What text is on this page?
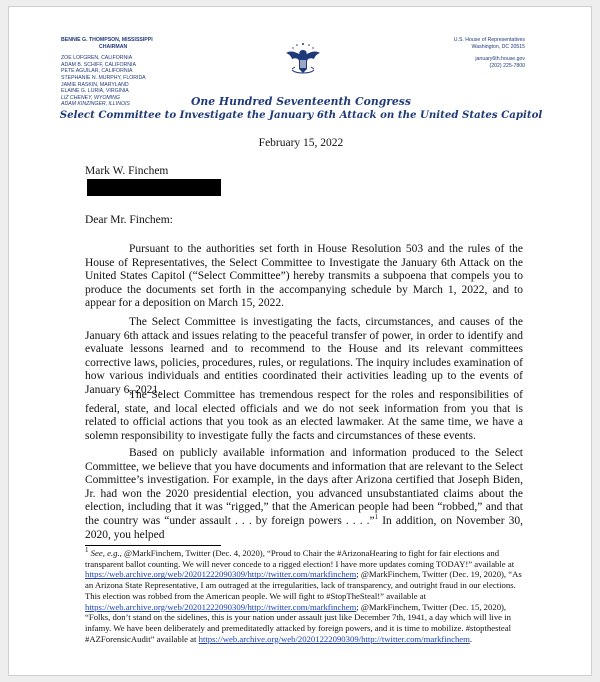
BENNIE G. THOMPSON, MISSISSIPPI
CHAIRMAN
ZOE LOFGREN, CALIFORNIA
ADAM B. SCHIFF, CALIFORNIA
PETE AGUILAR, CALIFORNIA
STEPHANIE N. MURPHY, FLORIDA
JAMIE RASKIN, MARYLAND
ELAINE G. LURIA, VIRGINIA
LIZ CHENEY, WYOMING
ADAM KINZINGER, ILLINOIS
U.S. House of Representatives
Washington, DC 20515
january6th.house.gov
(202) 225-7800
One Hundred Seventeenth Congress
Select Committee to Investigate the January 6th Attack on the United States Capitol
February 15, 2022
Mark W. Finchem
Dear Mr. Finchem:

Pursuant to the authorities set forth in House Resolution 503 and the rules of the House of Representatives, the Select Committee to Investigate the January 6th Attack on the United States Capitol (“Select Committee”) hereby transmits a subpoena that compels you to produce the documents set forth in the accompanying schedule by March 1, 2022, and to appear for a deposition on March 15, 2022.

The Select Committee is investigating the facts, circumstances, and causes of the January 6th attack and issues relating to the peaceful transfer of power, in order to identify and evaluate lessons learned and to recommend to the House and its relevant committees corrective laws, policies, procedures, rules, or regulations. The inquiry includes examination of how various individuals and entities coordinated their activities leading up to the events of January 6, 2021.

The Select Committee has tremendous respect for the roles and responsibilities of federal, state, and local elected officials and we do not seek information from you that is related to official actions that you took as an elected lawmaker. At the same time, we have a solemn responsibility to investigate fully the facts and circumstances of these events.

Based on publicly available information and information produced to the Select Committee, we believe that you have documents and information that are relevant to the Select Committee’s investigation. For example, in the days after Arizona certified that Joseph Biden, Jr. had won the 2020 presidential election, you advanced unsubstantiated claims about the election, including that it was “rigged,” that the American people had been “robbed,” and that the country was “under assault . . . by foreign powers . . . .”$^1$ In addition, on November 30, 2020, you helped

$^1$ See, e.g., @MarkFinchem, Twitter (Dec. 4, 2020), “Proud to Chair the #ArizonaHearing to fight for fair elections and transparent ballot counting. We will never concede to a rigged election! I have more updates coming TODAY!” available at https://web.archive.org/web/20201222090309/http://twitter.com/markfinchem; @MarkFinchem, Twitter (Dec. 19, 2020), “As an Arizona State Representative, I am outraged at the irregularities, lack of transparency, and outright fraud in our elections. This election was robbed from the American people. We will fight to #StopTheSteal!” available at https://web.archive.org/web/20201222090309/http://twitter.com/markfinchem; @MarkFinchem, Twitter (Dec. 15, 2020), “Folks, don’t stand on the sidelines, this is your nation under assault just like December 7th, 1941, a day which will live in infamy. We have been deliberately and premeditatedly attacked by foreign powers, and it is time to mobilize. #stopthesteal #AZForensicAudit” available at https://web.archive.org/web/20201222090309/http://twitter.com/markfinchem.
